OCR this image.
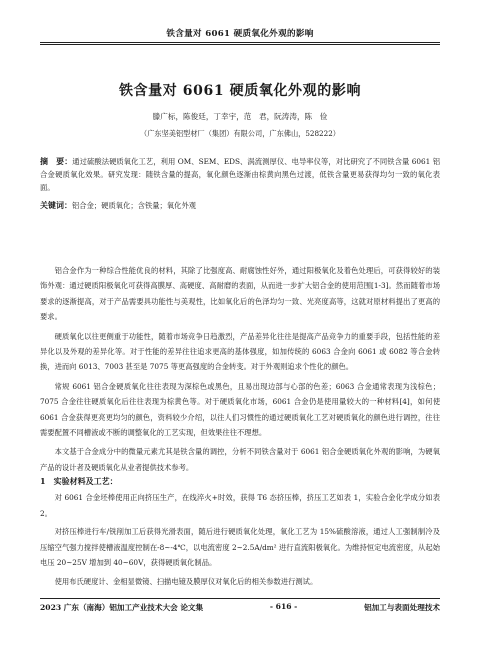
铁含量对 6061 硬质氧化外观的影响
铁含量对 6061 硬质氧化外观的影响
滕广标，陈俊廷，丁幸宇，范　君，阮涛涛，陈　俭
（广东坚美铝型材厂（集团）有限公司，广东佛山，528222）
摘　要：通过硫酸法硬质氧化工艺，利用 OM、SEM、EDS、涡流测厚仪、电导率仪等，对比研究了不同铁含量 6061 铝合金硬质氧化效果。研究发现：随铁含量的提高，氧化颜色逐渐由棕黄向黑色过渡，低铁含量更易获得均匀一致的氧化表面。
关键词：铝合金；硬质氧化；含铁量；氧化外观

铝合金作为一种综合性能优良的材料，其除了比强度高、耐腐蚀性好外，通过阳极氧化及着色处理后，可获得较好的装饰外观：通过硬质阳极氧化可获得高膜厚、高硬度、高耐磨的表面，从而进一步扩大铝合金的使用范围[1-3]。然而随着市场要求的逐渐提高，对于产品需要具功能性与美观性，比如氧化后的色泽均匀一致、光亮度高等，这就对原材料提出了更高的要求。

硬质氧化以往更侧重于功能性，随着市场竞争日趋激烈，产品差异化往往是提高产品竞争力的重要手段，包括性能的差异化以及外观的差异化等。对于性能的差异往往追求更高的基体强度，如加传统的 6063 合金向 6061 或 6082 等合金转换，进而向 6013、7003 甚至是 7075 等更高强度的合金转变。对于外观则追求个性化的颜色。

常规 6061 铝合金硬质氧化往往表现为深棕色或黑色，且易出现边部与心部的色差；6063 合金通常表现为浅棕色；7075 合金往往硬质氧化后往往表现为棕黄色等。对于硬质氧化市场，6061 合金仍是使用量较大的一种材料[4]，如何使 6061 合金获得更亮更均匀的颜色，资料较少介绍，以往人们习惯性的通过硬质氧化工艺对硬质氧化的颜色进行调控，往往需要配置不同槽液或不断的调整氧化的工艺实现，但效果往往不理想。

本文基于合金成分中的微量元素尤其是铁含量的调控，分析不同铁含量对于 6061 铝合金硬质氧化外观的影响，为硬氧产品的设计者及硬质氧化从业者提供技术参考。

1　实验材料及工艺：

对 6061 合金坯棒使用正向挤压生产，在线淬火+时效，获得 T6 态挤压棒，挤压工艺如表 1，实验合金化学成分如表 2。

对挤压棒进行车/铣削加工后获得光滑表面，随后进行硬质氧化处理，氧化工艺为 15%硫酸溶液，通过人工强制制冷及压缩空气强力搅拌使槽液温度控制在-8~-4℃，以电流密度 2~2.5A/dm² 进行直流阳极氧化。为维持恒定电流密度，从起始电压 20~25V 增加到 40~60V，获得硬质氧化制品。

使用布氏硬度计、金相显微镜、扫描电镜及膜厚仪对氧化后的相关参数进行测试。

2023 广东（南海）铝加工产业技术大会 论文集	- 616 -	铝加工与表面处理技术
